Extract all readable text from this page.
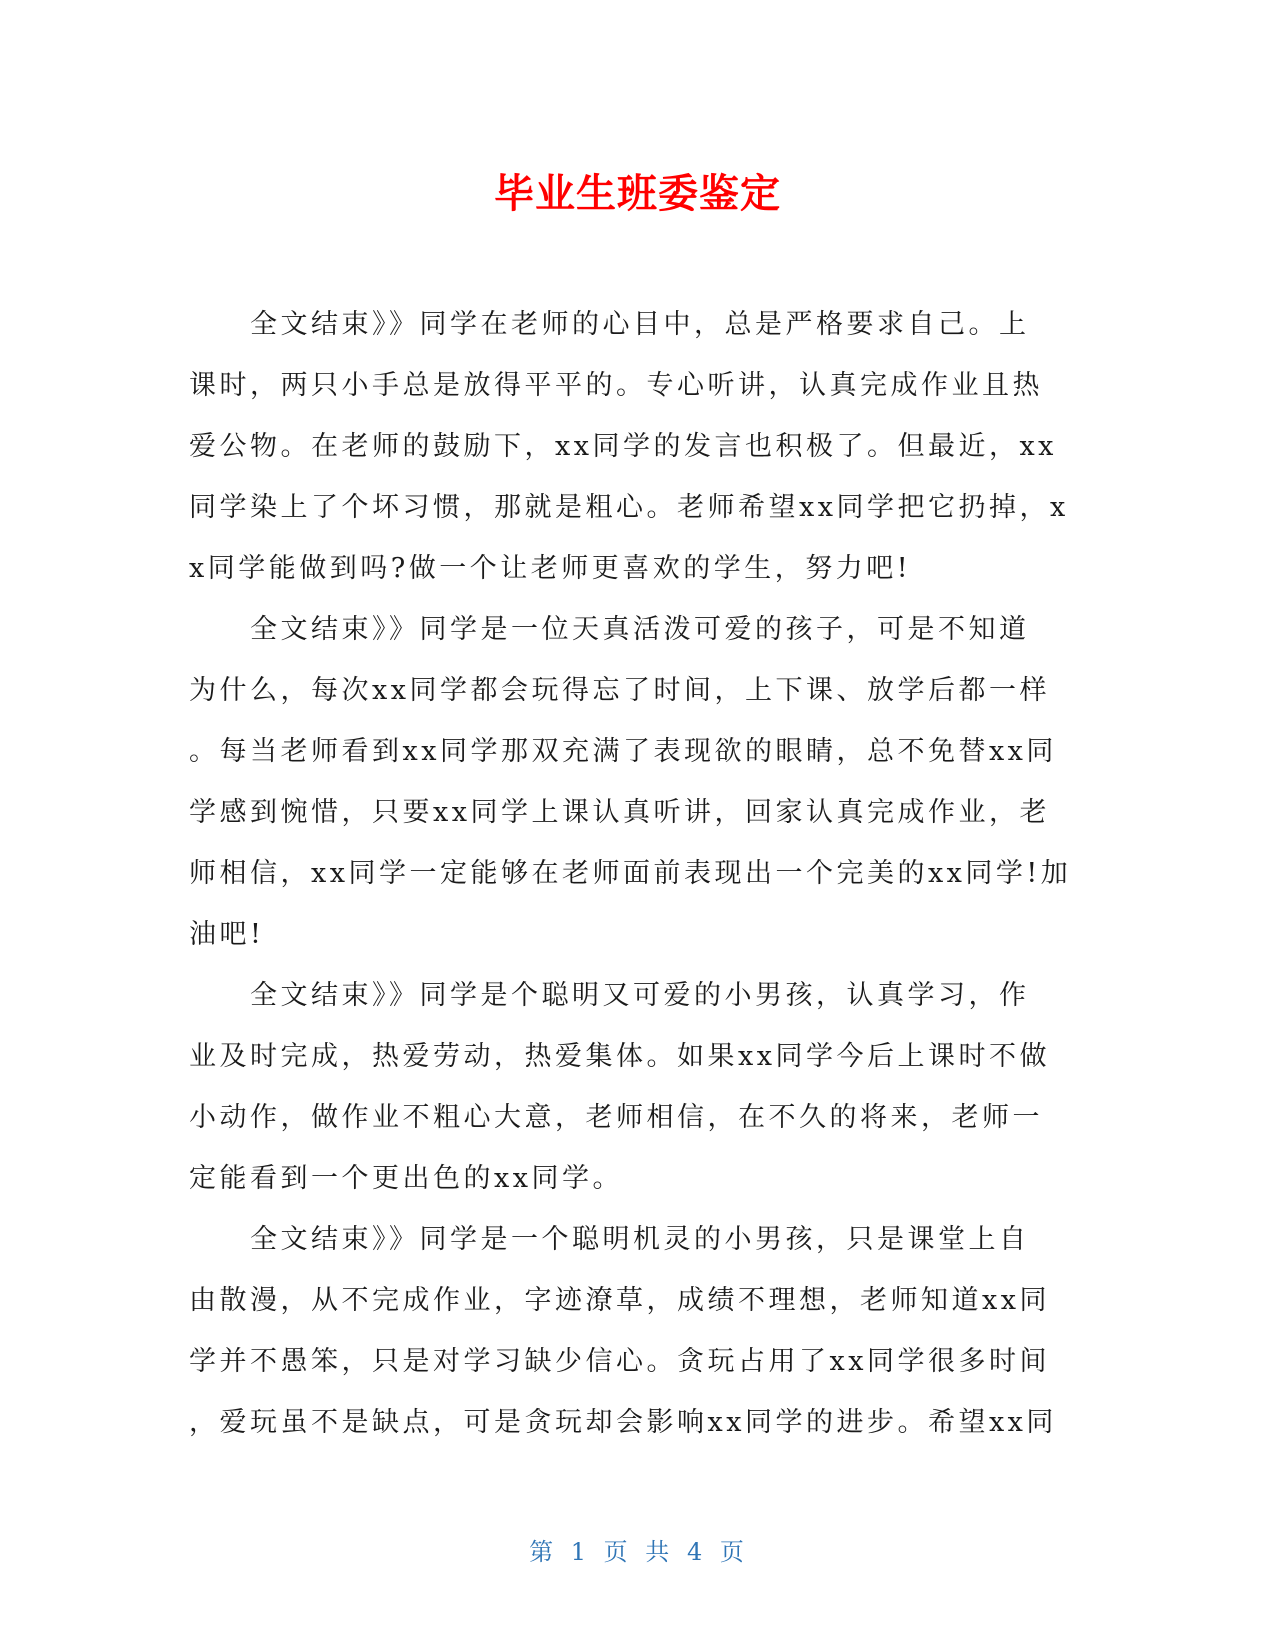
毕业生班委鉴定
　　全文结束》》同学在老师的心目中，总是严格要求自己。上
课时，两只小手总是放得平平的。专心听讲，认真完成作业且热
爱公物。在老师的鼓励下，xx同学的发言也积极了。但最近，xx
同学染上了个坏习惯，那就是粗心。老师希望xx同学把它扔掉，x
x同学能做到吗?做一个让老师更喜欢的学生，努力吧!
　　全文结束》》同学是一位天真活泼可爱的孩子，可是不知道
为什么，每次xx同学都会玩得忘了时间，上下课、放学后都一样
。每当老师看到xx同学那双充满了表现欲的眼睛，总不免替xx同
学感到惋惜，只要xx同学上课认真听讲，回家认真完成作业，老
师相信，xx同学一定能够在老师面前表现出一个完美的xx同学!加
油吧!
　　全文结束》》同学是个聪明又可爱的小男孩，认真学习，作
业及时完成，热爱劳动，热爱集体。如果xx同学今后上课时不做
小动作，做作业不粗心大意，老师相信，在不久的将来，老师一
定能看到一个更出色的xx同学。
　　全文结束》》同学是一个聪明机灵的小男孩，只是课堂上自
由散漫，从不完成作业，字迹潦草，成绩不理想，老师知道xx同
学并不愚笨，只是对学习缺少信心。贪玩占用了xx同学很多时间
，爱玩虽不是缺点，可是贪玩却会影响xx同学的进步。希望xx同
第 1 页 共 4 页
